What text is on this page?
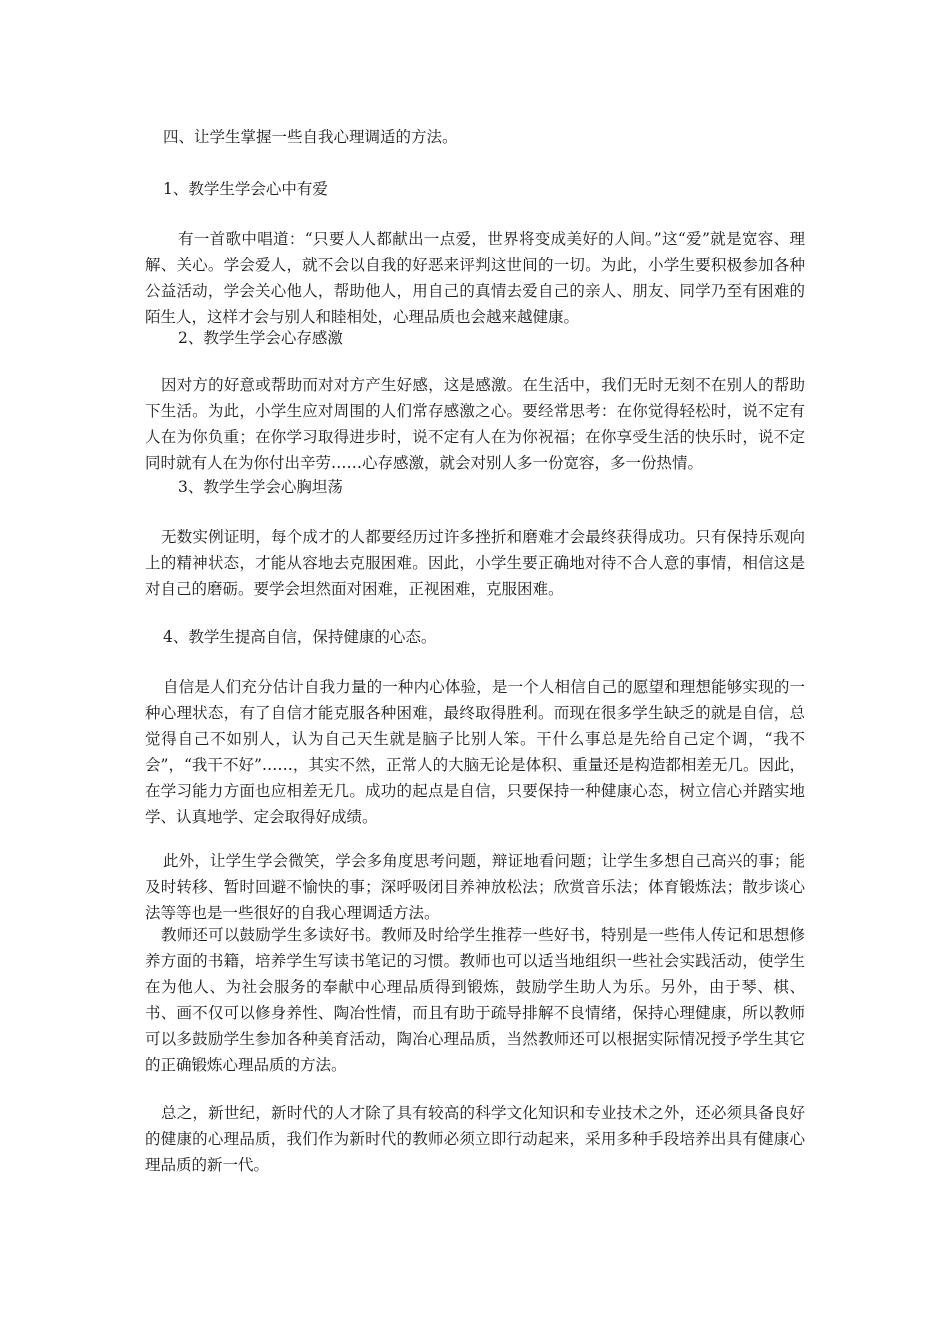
四、让学生掌握一些自我心理调适的方法。
1、教学生学会心中有爱
有一首歌中唱道：“只要人人都献出一点爱，世界将变成美好的人间。”这“爱”就是宽容、理解、关心。学会爱人，就不会以自我的好恶来评判这世间的一切。为此，小学生要积极参加各种公益活动，学会关心他人，帮助他人，用自己的真情去爱自己的亲人、朋友、同学乃至有困难的陌生人，这样才会与别人和睦相处，心理品质也会越来越健康。
2、教学生学会心存感激
因对方的好意或帮助而对对方产生好感，这是感激。在生活中，我们无时无刻不在别人的帮助下生活。为此，小学生应对周围的人们常存感激之心。要经常思考：在你觉得轻松时，说不定有人在为你负重；在你学习取得进步时，说不定有人在为你祝福；在你享受生活的快乐时，说不定同时就有人在为你付出辛劳……心存感激，就会对别人多一份宽容，多一份热情。
3、教学生学会心胸坦荡
无数实例证明，每个成才的人都要经历过许多挫折和磨难才会最终获得成功。只有保持乐观向上的精神状态，才能从容地去克服困难。因此，小学生要正确地对待不合人意的事情，相信这是对自己的磨砺。要学会坦然面对困难，正视困难，克服困难。
4、教学生提高自信，保持健康的心态。
自信是人们充分估计自我力量的一种内心体验，是一个人相信自己的愿望和理想能够实现的一种心理状态，有了自信才能克服各种困难，最终取得胜利。而现在很多学生缺乏的就是自信，总觉得自己不如别人，认为自己天生就是脑子比别人笨。干什么事总是先给自己定个调，“我不会”，“我干不好”……，其实不然，正常人的大脑无论是体积、重量还是构造都相差无几。因此，在学习能力方面也应相差无几。成功的起点是自信，只要保持一种健康心态，树立信心并踏实地学、认真地学、定会取得好成绩。
此外，让学生学会微笑，学会多角度思考问题，辩证地看问题；让学生多想自己高兴的事；能及时转移、暂时回避不愉快的事；深呼吸闭目养神放松法；欣赏音乐法；体育锻炼法；散步谈心法等等也是一些很好的自我心理调适方法。
教师还可以鼓励学生多读好书。教师及时给学生推荐一些好书，特别是一些伟人传记和思想修养方面的书籍，培养学生写读书笔记的习惯。教师也可以适当地组织一些社会实践活动，使学生在为他人、为社会服务的奉献中心理品质得到锻炼，鼓励学生助人为乐。另外，由于琴、棋、书、画不仅可以修身养性、陶冶性情，而且有助于疏导排解不良情绪，保持心理健康，所以教师可以多鼓励学生参加各种美育活动，陶冶心理品质，当然教师还可以根据实际情况授予学生其它的正确锻炼心理品质的方法。
总之，新世纪，新时代的人才除了具有较高的科学文化知识和专业技术之外，还必须具备良好的健康的心理品质，我们作为新时代的教师必须立即行动起来，采用多种手段培养出具有健康心理品质的新一代。
